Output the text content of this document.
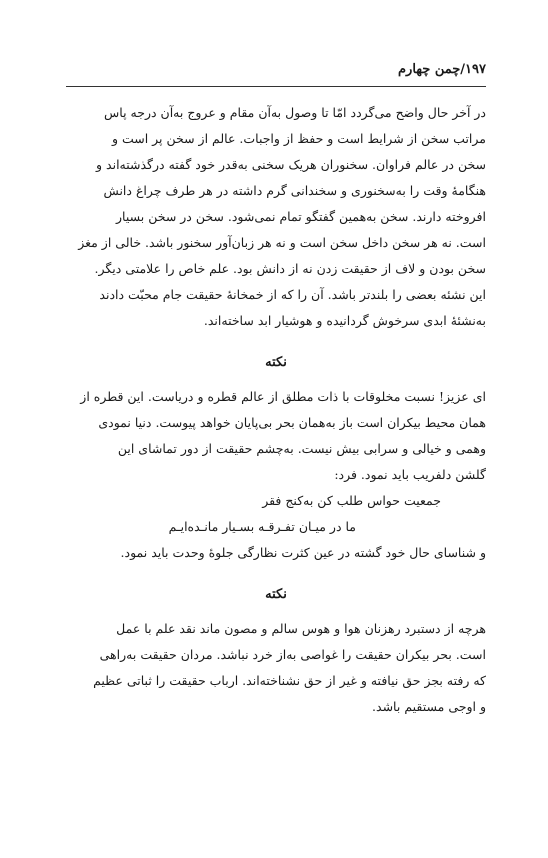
۱۹۷/چمن چهارم
در آخر حال واضح می‌گردد امّا تا وصول به‌آن مقام و عروج به‌آن درجه پاس
مراتب سخن از شرایط است و حفظ از واجبات. عالم از سخن پر است و
سخن در عالم فراوان. سخنوران هریک سخنی به‌قدر خود گفته درگذشته‌اند و
هنگامهٔ وقت را به‌سخنوری و سخندانی گرم داشته در هر طرف چراغ دانش
افروخته دارند. سخن به‌همین گفتگو تمام نمی‌شود. سخن در سخن بسیار
است. نه هر سخن داخل سخن است و نه هر زبان‌آور سخنور باشد. خالی از مغز
سخن بودن و لاف از حقیقت زدن نه از دانش بود. علم خاص را علامتی دیگر.
این نشئه بعضی را بلندتر باشد. آن را که از خمخانهٔ حقیقت جام محبّت دادند
به‌نشئهٔ ابدی سرخوش گردانیده و هوشیار ابد ساخته‌اند.
نکته
ای عزیز! نسبت مخلوقات با ذات مطلق از عالم قطره و دریاست. این قطره از
همان محیط بیکران است باز به‌همان بحر بی‌پایان خواهد پیوست. دنیا نمودی
وهمی و خیالی و سرابی بیش نیست. به‌چشم حقیقت از دور تماشای این
گلشن دلفریب باید نمود. فرد:
جمعیت حواس طلب کن به‌کنج فقر
ما در میـان تفـرقـه بسـیار مانـده‌ایـم
و شناسای حال خود گشته در عین کثرت نظارگی جلوهٔ وحدت باید نمود.
نکته
هرچه از دستبرد رهزنان هوا و هوس سالم و مصون ماند نقد علم با عمل
است. بحر بیکران حقیقت را غواصی به‌از خرد نباشد. مردان حقیقت به‌راهی
که رفته بجز حق نیافته و غیر از حق نشناخته‌اند. ارباب حقیقت را ثباتی عظیم
و اوجی مستقیم باشد.
